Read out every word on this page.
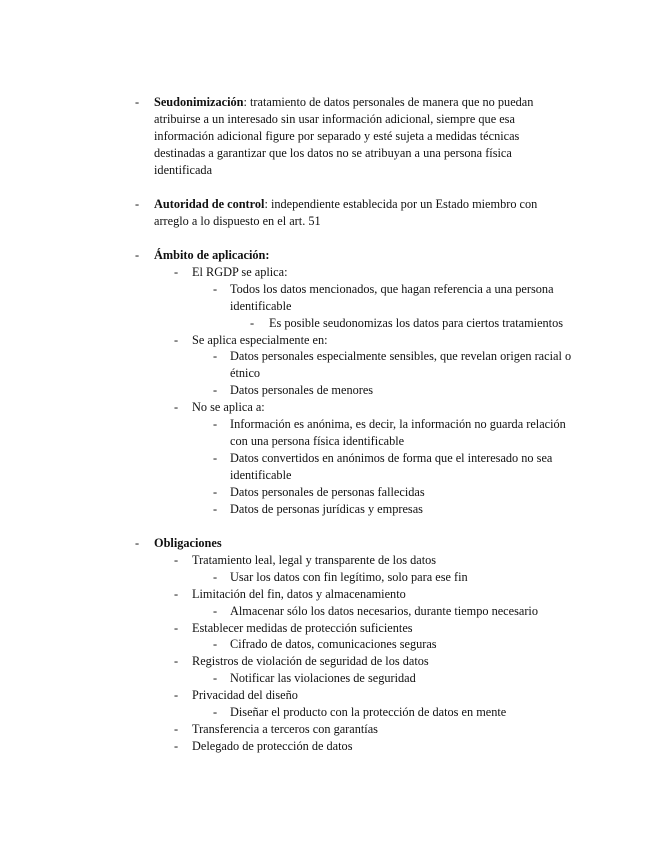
- Seudonimización: tratamiento de datos personales de manera que no puedan atribuirse a un interesado sin usar información adicional, siempre que esa información adicional figure por separado y esté sujeta a medidas técnicas destinadas a garantizar que los datos no se atribuyan a una persona física identificada
- Autoridad de control: independiente establecida por un Estado miembro con arreglo a lo dispuesto en el art. 51
- Ámbito de aplicación:
- El RGDP se aplica:
- Todos los datos mencionados, que hagan referencia a una persona identificable
- Es posible seudonomizas los datos para ciertos tratamientos
- Se aplica especialmente en:
- Datos personales especialmente sensibles, que revelan origen racial o étnico
- Datos personales de menores
- No se aplica a:
- Información es anónima, es decir, la información no guarda relación con una persona física identificable
- Datos convertidos en anónimos de forma que el interesado no sea identificable
- Datos personales de personas fallecidas
- Datos de personas jurídicas y empresas
- Obligaciones
- Tratamiento leal, legal y transparente de los datos
- Usar los datos con fin legítimo, solo para ese fin
- Limitación del fin, datos y almacenamiento
- Almacenar sólo los datos necesarios, durante tiempo necesario
- Establecer medidas de protección suficientes
- Cifrado de datos, comunicaciones seguras
- Registros de violación de seguridad de los datos
- Notificar las violaciones de seguridad
- Privacidad del diseño
- Diseñar el producto con la protección de datos en mente
- Transferencia a terceros con garantías
- Delegado de protección de datos
